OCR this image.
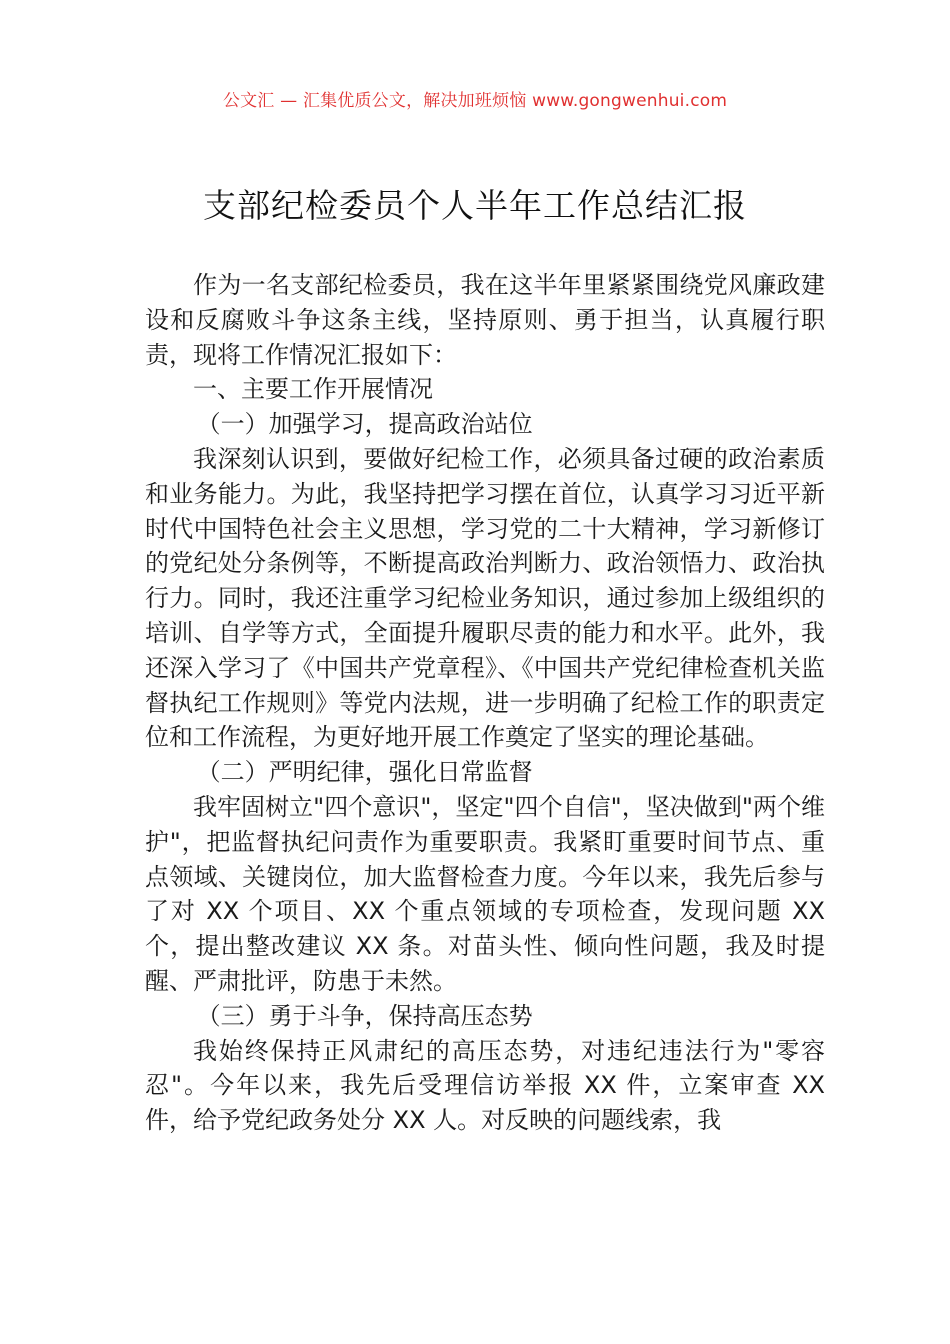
公文汇 — 汇集优质公文，解决加班烦恼 www.gongwenhui.com
支部纪检委员个人半年工作总结汇报

作为一名支部纪检委员，我在这半年里紧紧围绕党风廉政建设和反腐败斗争这条主线，坚持原则、勇于担当，认真履行职责，现将工作情况汇报如下：

一、主要工作开展情况

（一）加强学习，提高政治站位

我深刻认识到，要做好纪检工作，必须具备过硬的政治素质和业务能力。为此，我坚持把学习摆在首位，认真学习习近平新时代中国特色社会主义思想，学习党的二十大精神，学习新修订的党纪处分条例等，不断提高政治判断力、政治领悟力、政治执行力。同时，我还注重学习纪检业务知识，通过参加上级组织的培训、自学等方式，全面提升履职尽责的能力和水平。此外，我还深入学习了《中国共产党章程》、《中国共产党纪律检查机关监督执纪工作规则》等党内法规，进一步明确了纪检工作的职责定位和工作流程，为更好地开展工作奠定了坚实的理论基础。

（二）严明纪律，强化日常监督

我牢固树立"四个意识"，坚定"四个自信"，坚决做到"两个维护"，把监督执纪问责作为重要职责。我紧盯重要时间节点、重点领域、关键岗位，加大监督检查力度。今年以来，我先后参与了对 XX 个项目、XX 个重点领域的专项检查，发现问题 XX 个，提出整改建议 XX 条。对苗头性、倾向性问题，我及时提醒、严肃批评，防患于未然。

（三）勇于斗争，保持高压态势

我始终保持正风肃纪的高压态势，对违纪违法行为"零容忍"。今年以来，我先后受理信访举报 XX 件，立案审查 XX 件，给予党纪政务处分 XX 人。对反映的问题线索，我
